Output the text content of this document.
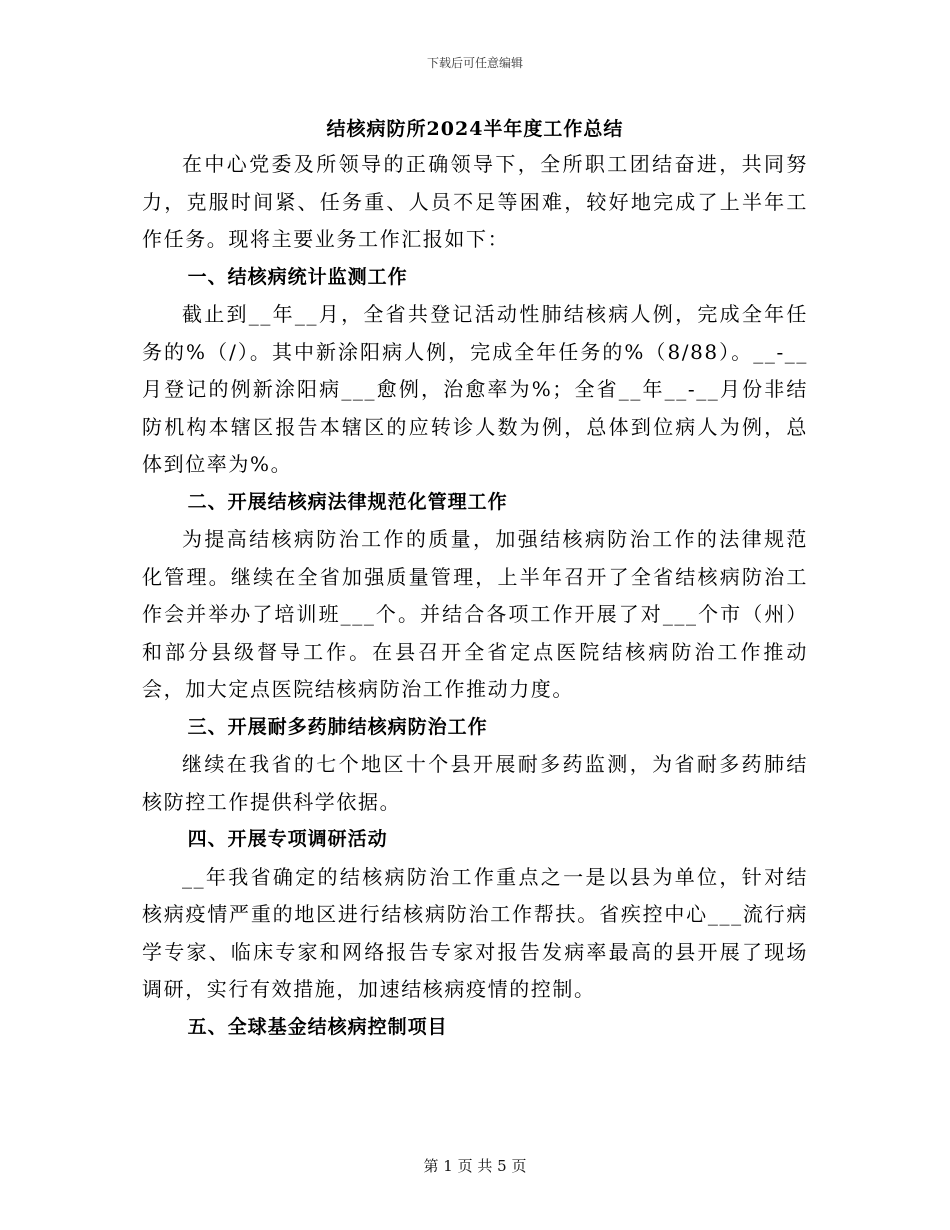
下载后可任意编辑
结核病防所2024半年度工作总结

在中心党委及所领导的正确领导下，全所职工团结奋进，共同努力，克服时间紧、任务重、人员不足等困难，较好地完成了上半年工作任务。现将主要业务工作汇报如下：

一、结核病统计监测工作

截止到__年__月，全省共登记活动性肺结核病人例，完成全年任务的%（/）。其中新涂阳病人例，完成全年任务的%（8/88）。__-__月登记的例新涂阳病___愈例，治愈率为%；全省__年__-__月份非结防机构本辖区报告本辖区的应转诊人数为例，总体到位病人为例，总体到位率为%。

二、开展结核病法律规范化管理工作

为提高结核病防治工作的质量，加强结核病防治工作的法律规范化管理。继续在全省加强质量管理，上半年召开了全省结核病防治工作会并举办了培训班___个。并结合各项工作开展了对___个市（州）和部分县级督导工作。在县召开全省定点医院结核病防治工作推动会，加大定点医院结核病防治工作推动力度。

三、开展耐多药肺结核病防治工作

继续在我省的七个地区十个县开展耐多药监测，为省耐多药肺结核防控工作提供科学依据。

四、开展专项调研活动

__年我省确定的结核病防治工作重点之一是以县为单位，针对结核病疫情严重的地区进行结核病防治工作帮扶。省疾控中心___流行病学专家、临床专家和网络报告专家对报告发病率最高的县开展了现场调研，实行有效措施，加速结核病疫情的控制。

五、全球基金结核病控制项目

第 1 页 共 5 页
